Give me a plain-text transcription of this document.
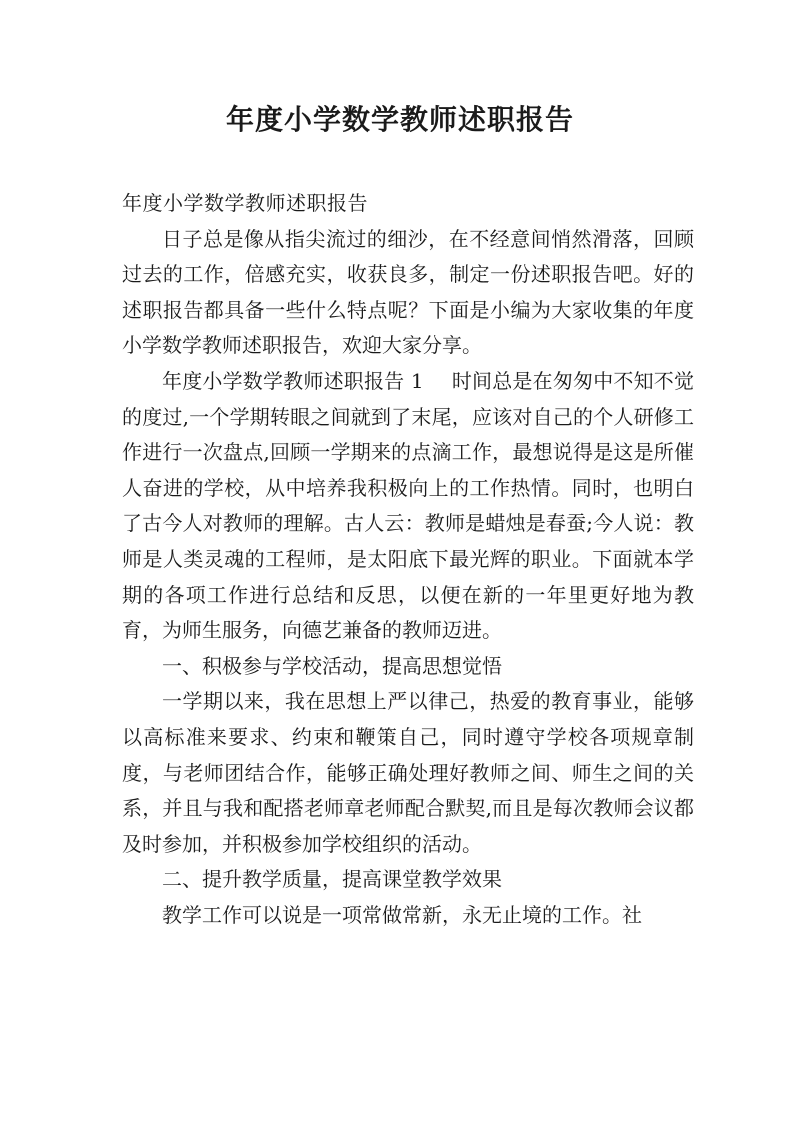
年度小学数学教师述职报告

年度小学数学教师述职报告

日子总是像从指尖流过的细沙，在不经意间悄然滑落，回顾过去的工作，倍感充实，收获良多，制定一份述职报告吧。好的述职报告都具备一些什么特点呢？下面是小编为大家收集的年度小学数学教师述职报告，欢迎大家分享。

年度小学数学教师述职报告 1 时间总是在匆匆中不知不觉的度过,一个学期转眼之间就到了末尾，应该对自己的个人研修工作进行一次盘点,回顾一学期来的点滴工作，最想说得是这是所催人奋进的学校，从中培养我积极向上的工作热情。同时，也明白了古今人对教师的理解。古人云：教师是蜡烛是春蚕;今人说：教师是人类灵魂的工程师，是太阳底下最光辉的职业。下面就本学期的各项工作进行总结和反思，以便在新的一年里更好地为教育，为师生服务，向德艺兼备的教师迈进。

一、积极参与学校活动，提高思想觉悟

一学期以来，我在思想上严以律己，热爱的教育事业，能够以高标准来要求、约束和鞭策自己，同时遵守学校各项规章制度，与老师团结合作，能够正确处理好教师之间、师生之间的关系，并且与我和配搭老师章老师配合默契,而且是每次教师会议都及时参加，并积极参加学校组织的活动。

二、提升教学质量，提高课堂教学效果

教学工作可以说是一项常做常新，永无止境的工作。社
